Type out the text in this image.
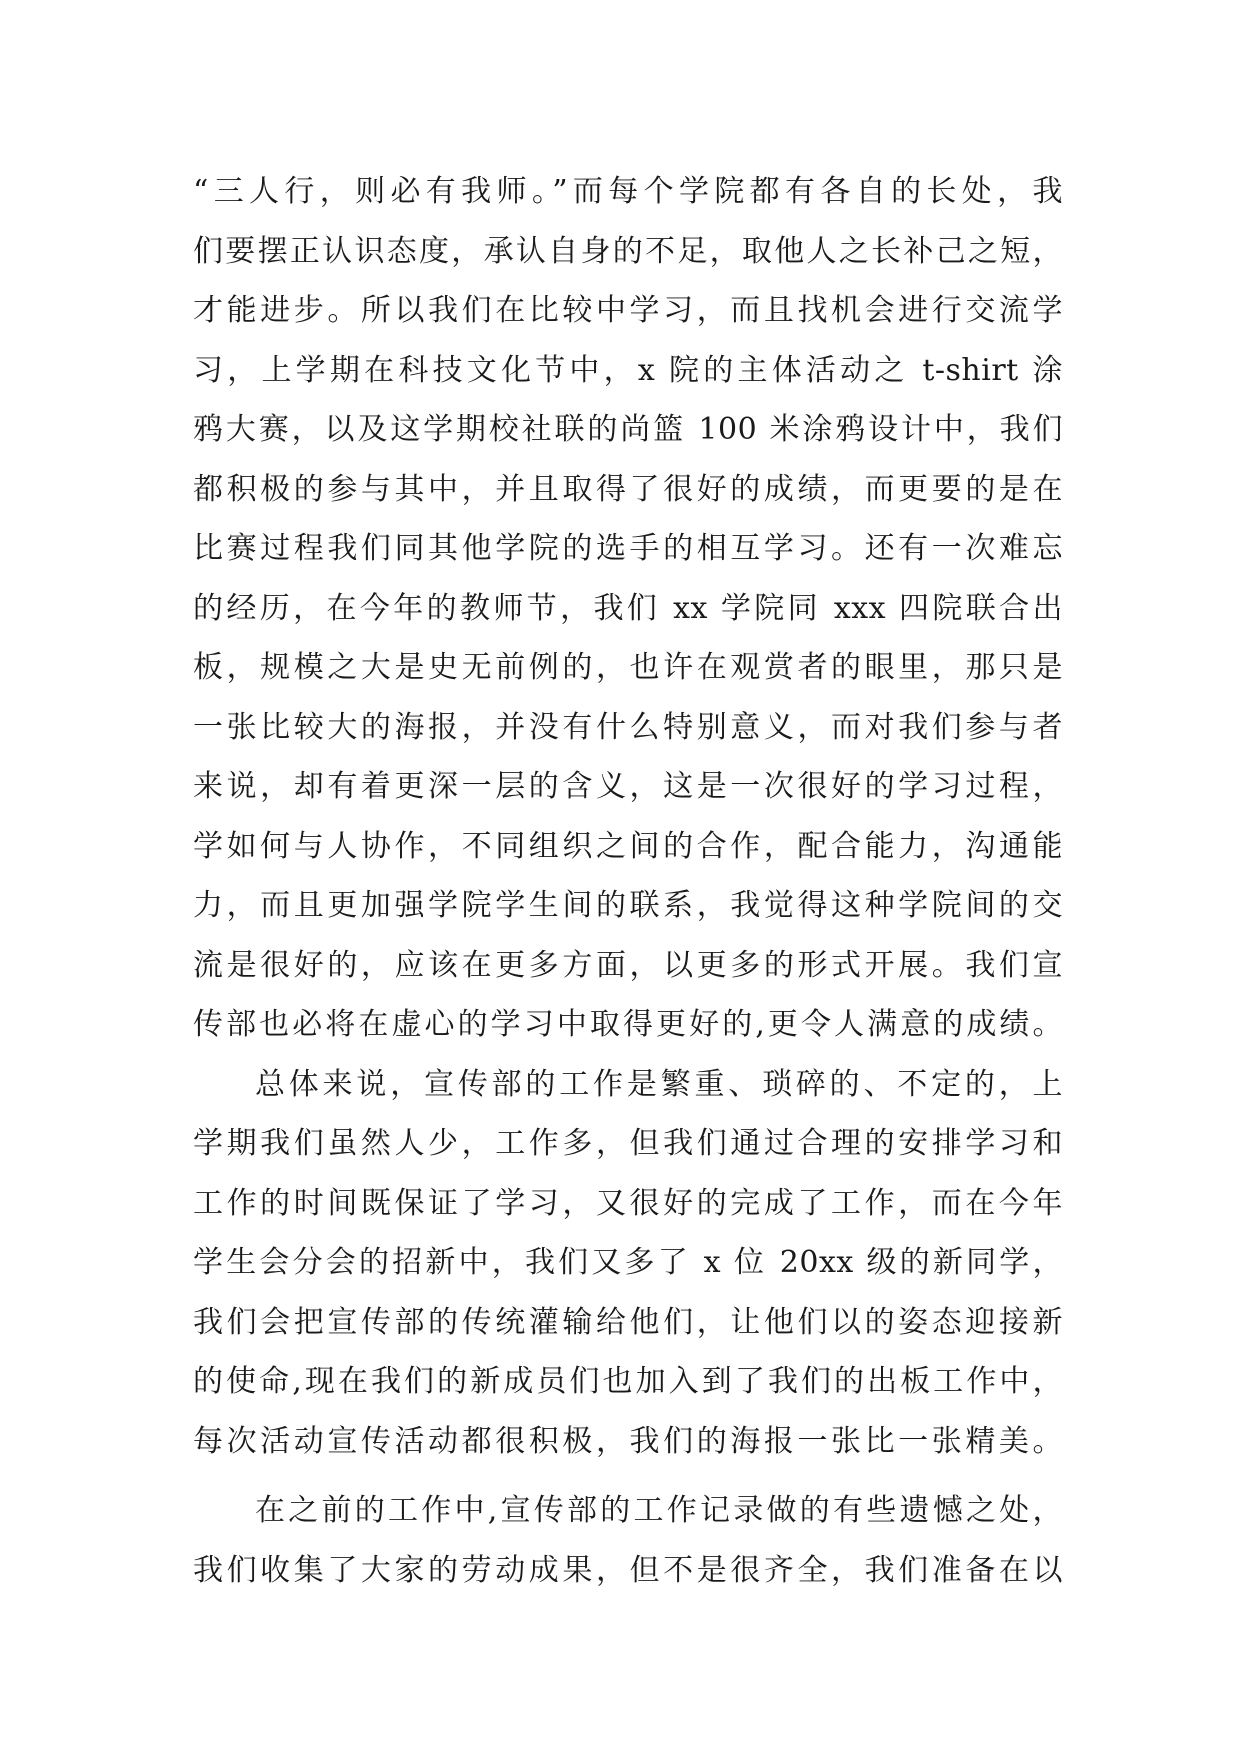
“三人行，则必有我师。”而每个学院都有各自的长处，我
们要摆正认识态度，承认自身的不足，取他人之长补己之短，
才能进步。所以我们在比较中学习，而且找机会进行交流学
习，上学期在科技文化节中，x 院的主体活动之 t-shirt 涂
鸦大赛，以及这学期校社联的尚篮 100 米涂鸦设计中，我们
都积极的参与其中，并且取得了很好的成绩，而更要的是在
比赛过程我们同其他学院的选手的相互学习。还有一次难忘
的经历，在今年的教师节，我们 xx 学院同 xxx 四院联合出
板，规模之大是史无前例的，也许在观赏者的眼里，那只是
一张比较大的海报，并没有什么特别意义，而对我们参与者
来说，却有着更深一层的含义，这是一次很好的学习过程，
学如何与人协作，不同组织之间的合作，配合能力，沟通能
力，而且更加强学院学生间的联系，我觉得这种学院间的交
流是很好的，应该在更多方面，以更多的形式开展。我们宣
传部也必将在虚心的学习中取得更好的,更令人满意的成绩。
总体来说，宣传部的工作是繁重、琐碎的、不定的，上
学期我们虽然人少，工作多，但我们通过合理的安排学习和
工作的时间既保证了学习，又很好的完成了工作，而在今年
学生会分会的招新中，我们又多了 x 位 20xx 级的新同学，
我们会把宣传部的传统灌输给他们，让他们以的姿态迎接新
的使命,现在我们的新成员们也加入到了我们的出板工作中，
每次活动宣传活动都很积极，我们的海报一张比一张精美。
在之前的工作中,宣传部的工作记录做的有些遗憾之处，
我们收集了大家的劳动成果，但不是很齐全，我们准备在以
